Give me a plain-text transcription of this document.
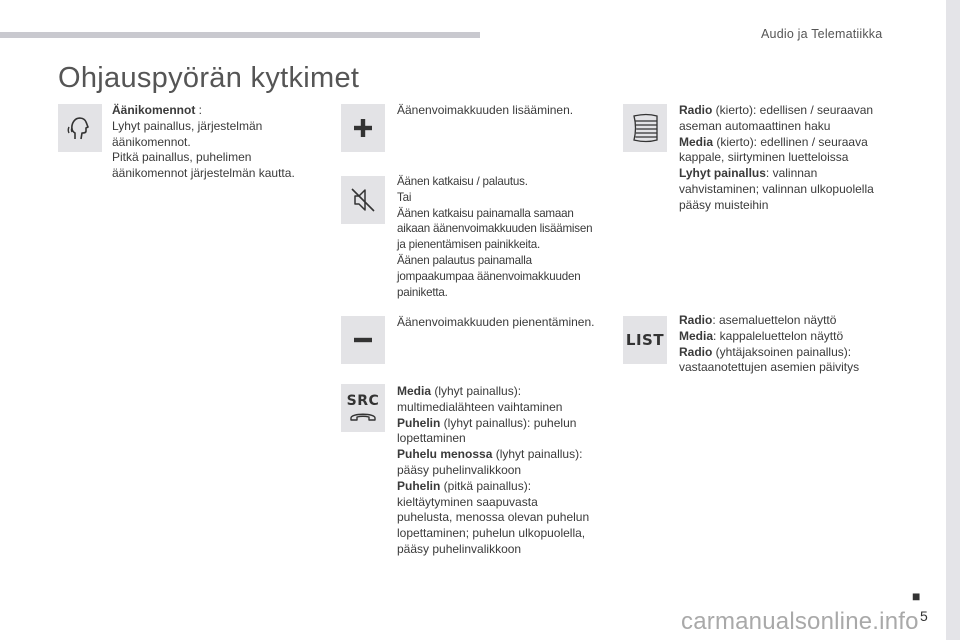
Audio ja Telematiikka
Ohjauspyörän kytkimet

Äänikomennot :

Lyhyt painallus, järjestelmän

äänikomennot.

Pitkä painallus, puhelimen

äänikomennot järjestelmän kautta.

Äänenvoimakkuuden lisääminen.

Äänen katkaisu / palautus.

Tai

Äänen katkaisu painamalla samaan

aikaan äänenvoimakkuuden lisäämisen

ja pienentämisen painikkeita.

Äänen palautus painamalla

jompaakumpaa äänenvoimakkuuden

painiketta.

Äänenvoimakkuuden pienentäminen.

SRC

Media (lyhyt painallus):

multimedialähteen vaihtaminen

Puhelin (lyhyt painallus): puhelun

lopettaminen

Puhelu menossa (lyhyt painallus):

pääsy puhelinvalikkoon

Puhelin (pitkä painallus):

kieltäytyminen saapuvasta

puhelusta, menossa olevan puhelun

lopettaminen; puhelun ulkopuolella,

pääsy puhelinvalikkoon

Radio (kierto): edellisen / seuraavan

aseman automaattinen haku

Media (kierto): edellinen / seuraava

kappale, siirtyminen luetteloissa

Lyhyt painallus: valinnan

vahvistaminen; valinnan ulkopuolella

pääsy muisteihin

LIST

Radio: asemaluettelon näyttö

Media: kappaleluettelon näyttö

Radio (yhtäjaksoinen painallus):

vastaanotettujen asemien päivitys

■
5
carmanualsonline.info
